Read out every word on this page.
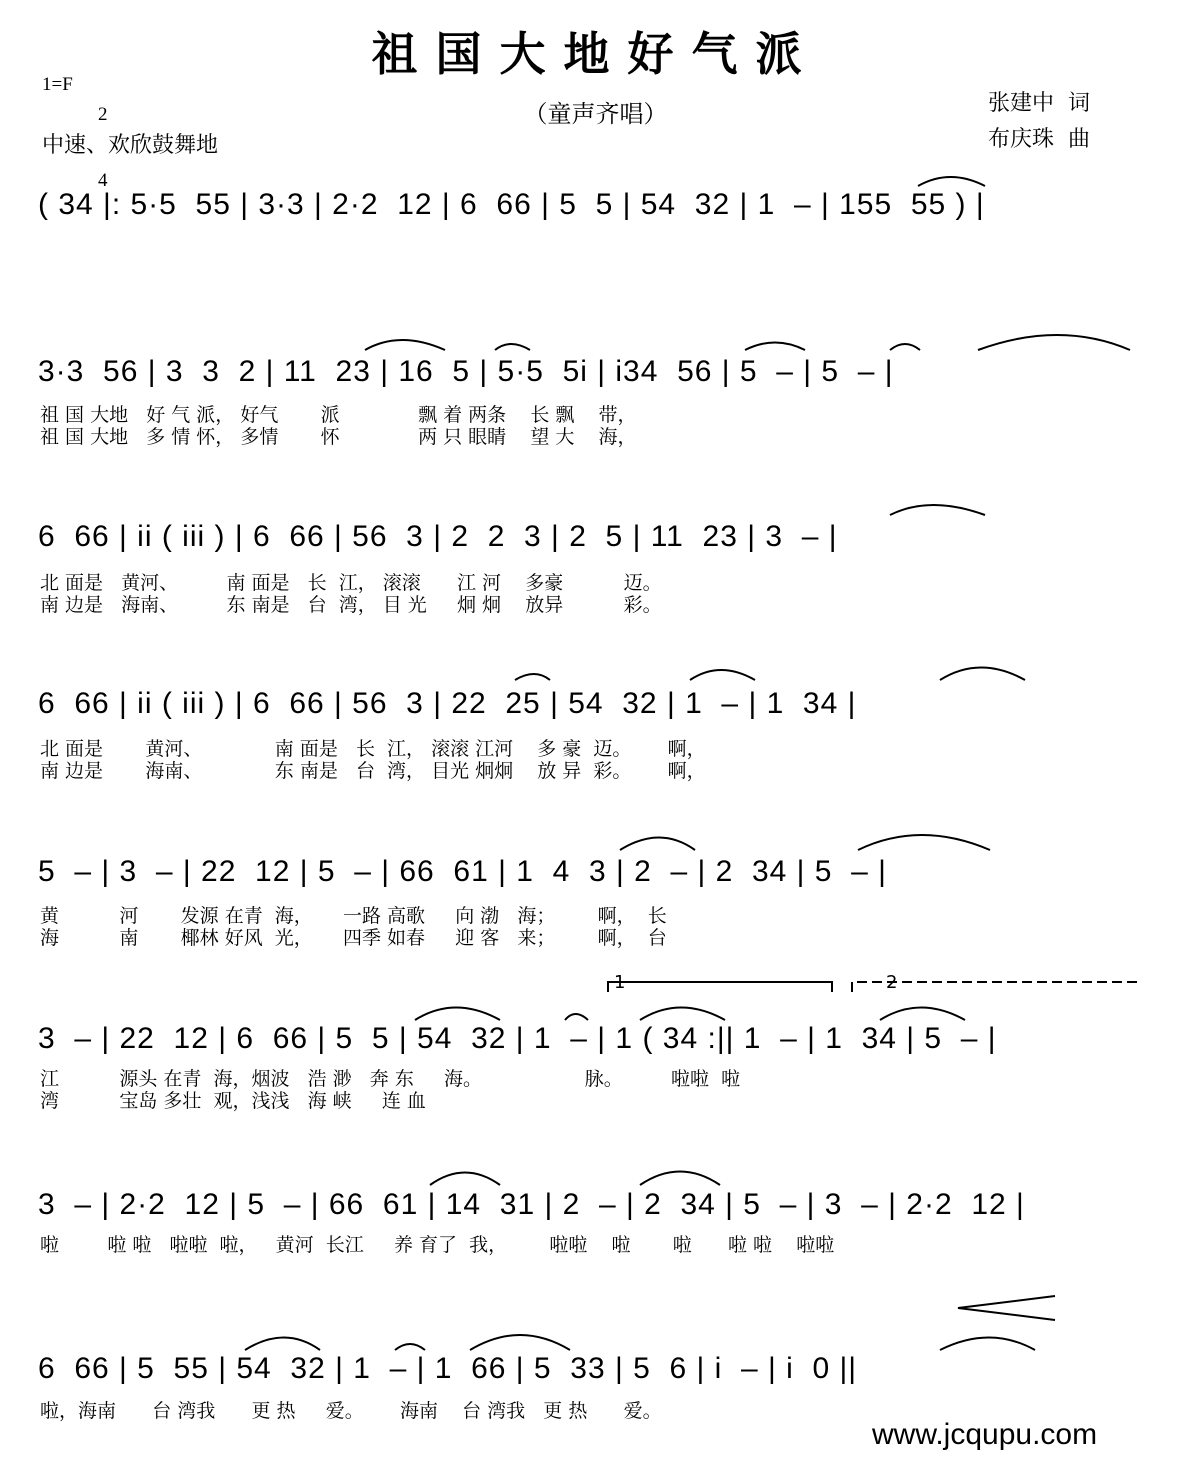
祖国大地好气派
（童声齐唱）
1=F

2

4

中速、欢欣鼓舞地
张建中  词
布庆珠  曲
( 34 |: 5·5  55 | 3·3 | 2·2  12 | 6  66 | 5  5 | 54  32 | 1  – | 155  55 ) |
3·3  56 | 3  3  2 | 11  23 | 16  5 | 5·5  5i | i34  56 | 5  – | 5  – |
祖 国 大地   好 气 派， 好气       派             飘 着 两条    长 飘    带，
祖 国 大地   多 情 怀， 多情       怀             两 只 眼睛    望 大    海，
6  66 | ii ( iii ) | 6  66 | 56  3 | 2  2  3 | 2  5 | 11  23 | 3  – |
北 面是   黄河、        南 面是   长  江， 滚滚      江 河    多豪          迈。
南 边是   海南、        东 南是   台  湾， 目 光     炯 炯    放异          彩。
6  66 | ii ( iii ) | 6  66 | 56  3 | 22  25 | 54  32 | 1  – | 1  34 |
北 面是       黄河、            南 面是   长  江， 滚滚 江河    多 豪  迈。      啊，
南 边是       海南、            东 南是   台  湾， 目光 炯炯    放 异  彩。      啊，
5  – | 3  – | 22  12 | 5  – | 66  61 | 1  4  3 | 2  – | 2  34 | 5  – |
黄          河       发源 在青  海，     一路 高歌     向 渤   海；       啊，  长
海          南       椰林 好风  光，     四季 如春     迎 客   来；       啊，  台
1	2
3  – | 22  12 | 6  66 | 5  5 | 54  32 | 1  – | 1 ( 34 :|| 1  – | 1  34 | 5  – |
江          源头 在青  海，烟波   浩 渺   奔 东     海。                 脉。        啦啦  啦
湾          宝岛 多壮  观，浅浅   海 峡     连 血
3  – | 2·2  12 | 5  – | 66  61 | 14  31 | 2  – | 2  34 | 5  – | 3  – | 2·2  12 |
啦        啦 啦   啦啦  啦，   黄河  长江     养 育了  我，       啦啦    啦       啦      啦 啦    啦啦
6  66 | 5  55 | 54  32 | 1  – | 1  66 | 5  33 | 5  6 | i  – | i  0 ||
啦，海南      台 湾我      更 热     爱。      海南    台 湾我   更 热      爱。
www.jcqupu.com
